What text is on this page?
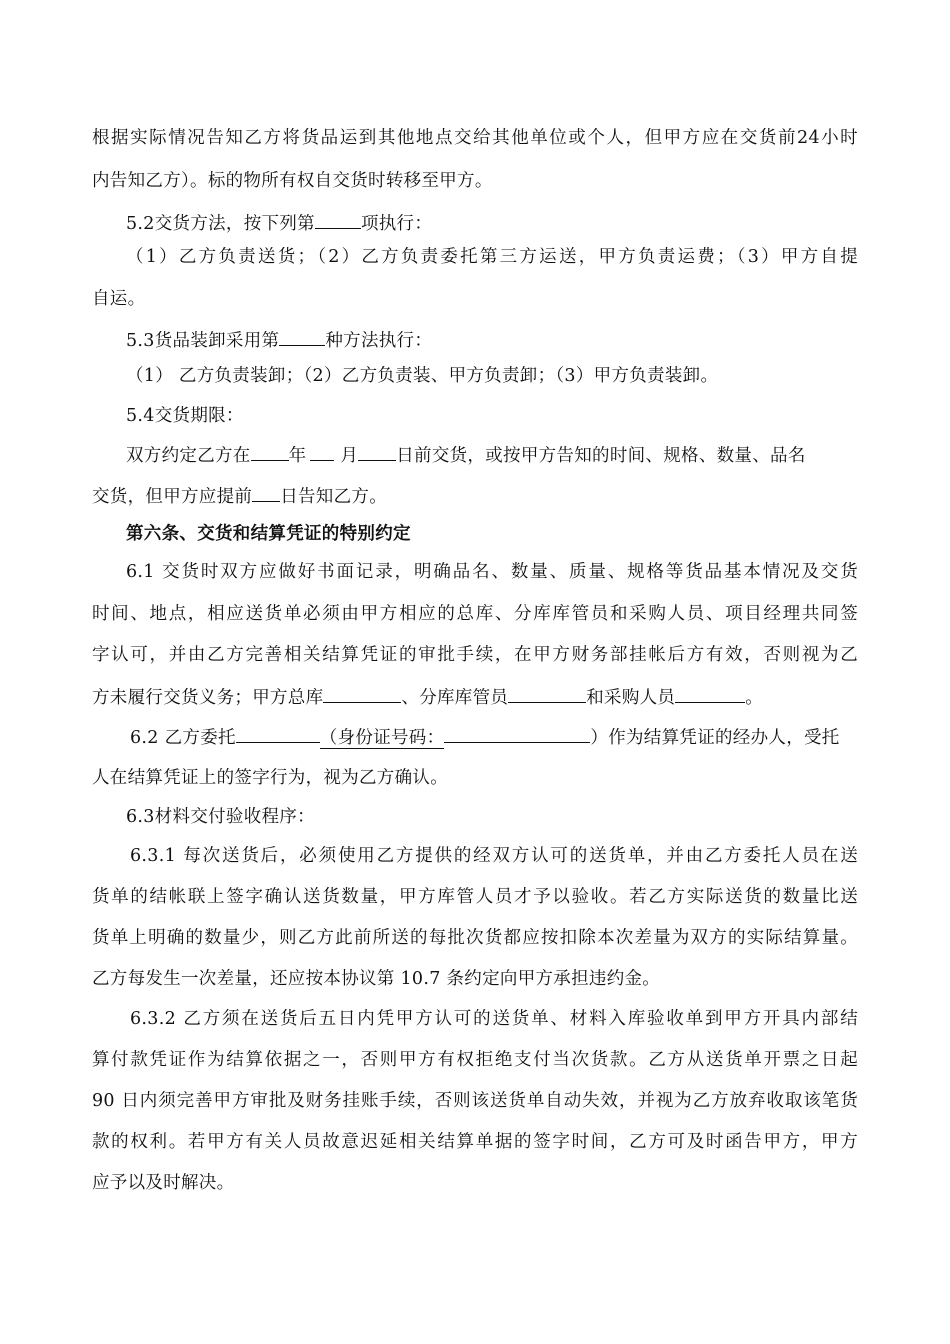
根据实际情况告知乙方将货品运到其他地点交给其他单位或个人，但甲方应在交货前24小时
内告知乙方）。标的物所有权自交货时转移至甲方。
5.2交货方法，按下列第	项执行：
（1）乙方负责送货；（2）乙方负责委托第三方运送，甲方负责运费；（3）甲方自提
自运。
5.3货品装卸采用第	种方法执行：
（1） 乙方负责装卸；（2）乙方负责装、甲方负责卸；（3）甲方负责装卸。
5.4交货期限：
双方约定乙方在 年 月 日前交货，或按甲方告知的时间、规格、数量、品名
交货，但甲方应提前 日告知乙方。
第六条、交货和结算凭证的特别约定
6.1 交货时双方应做好书面记录，明确品名、数量、质量、规格等货品基本情况及交货
时间、地点，相应送货单必须由甲方相应的总库、分库库管员和采购人员、项目经理共同签
字认可，并由乙方完善相关结算凭证的审批手续，在甲方财务部挂帐后方有效，否则视为乙
方未履行交货义务；甲方总库	、分库库管员	和采购人员	。
6.2 乙方委托	（身份证号码：	）作为结算凭证的经办人，受托
人在结算凭证上的签字行为，视为乙方确认。
6.3材料交付验收程序：
6.3.1 每次送货后，必须使用乙方提供的经双方认可的送货单，并由乙方委托人员在送
货单的结帐联上签字确认送货数量，甲方库管人员才予以验收。若乙方实际送货的数量比送
货单上明确的数量少，则乙方此前所送的每批次货都应按扣除本次差量为双方的实际结算量。
乙方每发生一次差量，还应按本协议第 10.7 条约定向甲方承担违约金。
6.3.2 乙方须在送货后五日内凭甲方认可的送货单、材料入库验收单到甲方开具内部结
算付款凭证作为结算依据之一，否则甲方有权拒绝支付当次货款。乙方从送货单开票之日起
90 日内须完善甲方审批及财务挂账手续，否则该送货单自动失效，并视为乙方放弃收取该笔货
款的权利。若甲方有关人员故意迟延相关结算单据的签字时间，乙方可及时函告甲方，甲方
应予以及时解决。
